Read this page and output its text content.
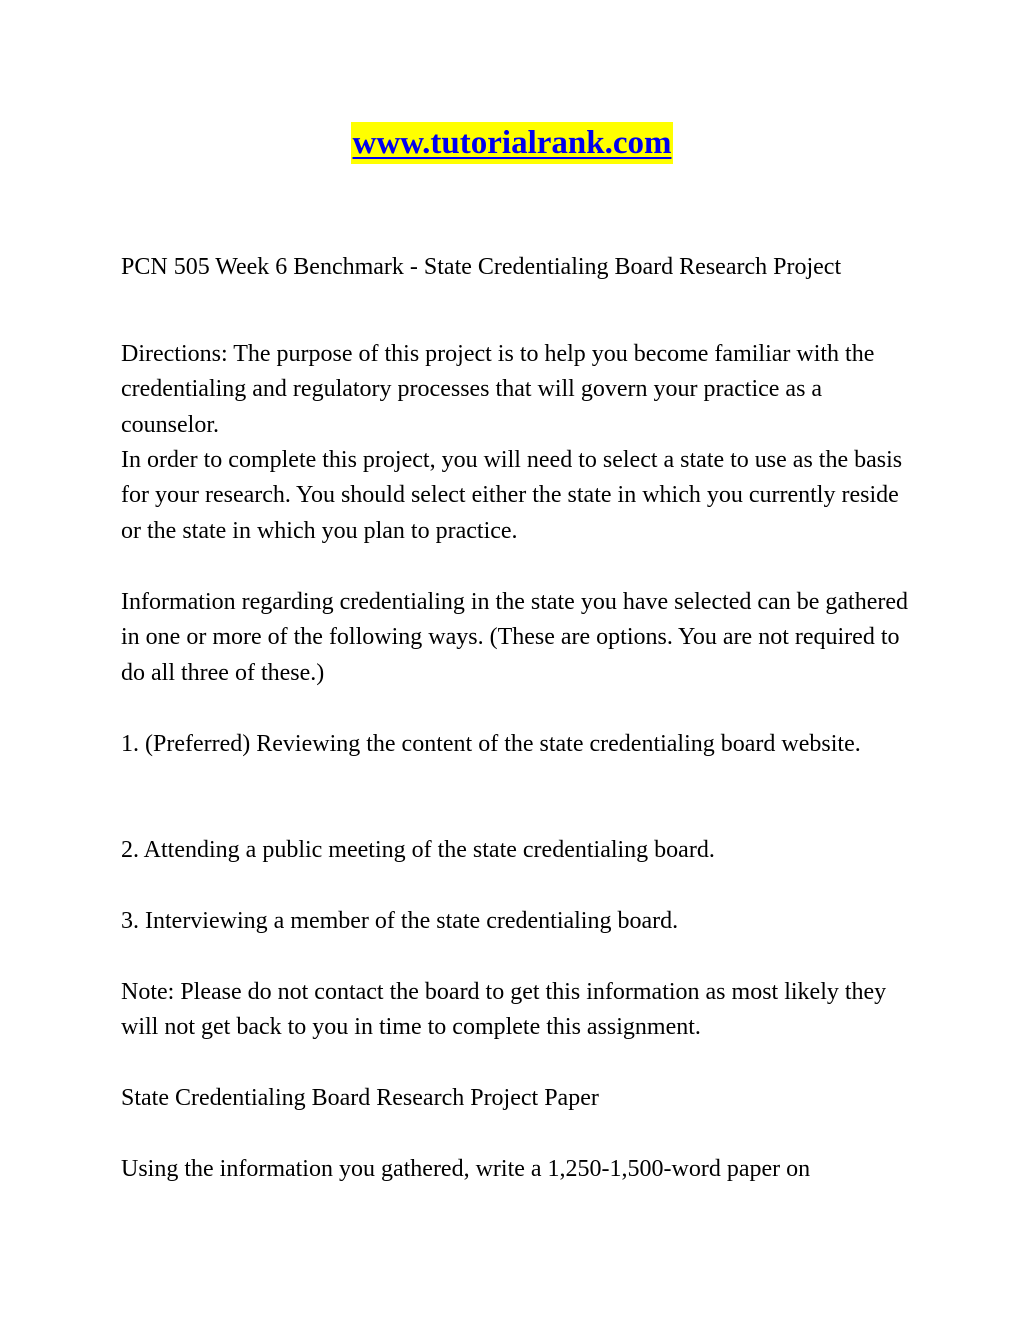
www.tutorialrank.com

PCN 505 Week 6 Benchmark - State Credentialing Board Research Project

Directions: The purpose of this project is to help you become familiar with the credentialing and regulatory processes that will govern your practice as a counselor.

In order to complete this project, you will need to select a state to use as the basis for your research. You should select either the state in which you currently reside or the state in which you plan to practice.

Information regarding credentialing in the state you have selected can be gathered in one or more of the following ways. (These are options. You are not required to do all three of these.)

1. (Preferred) Reviewing the content of the state credentialing board website.

2. Attending a public meeting of the state credentialing board.

3. Interviewing a member of the state credentialing board.

Note: Please do not contact the board to get this information as most likely they will not get back to you in time to complete this assignment.

State Credentialing Board Research Project Paper

Using the information you gathered, write a 1,250-1,500-word paper on
